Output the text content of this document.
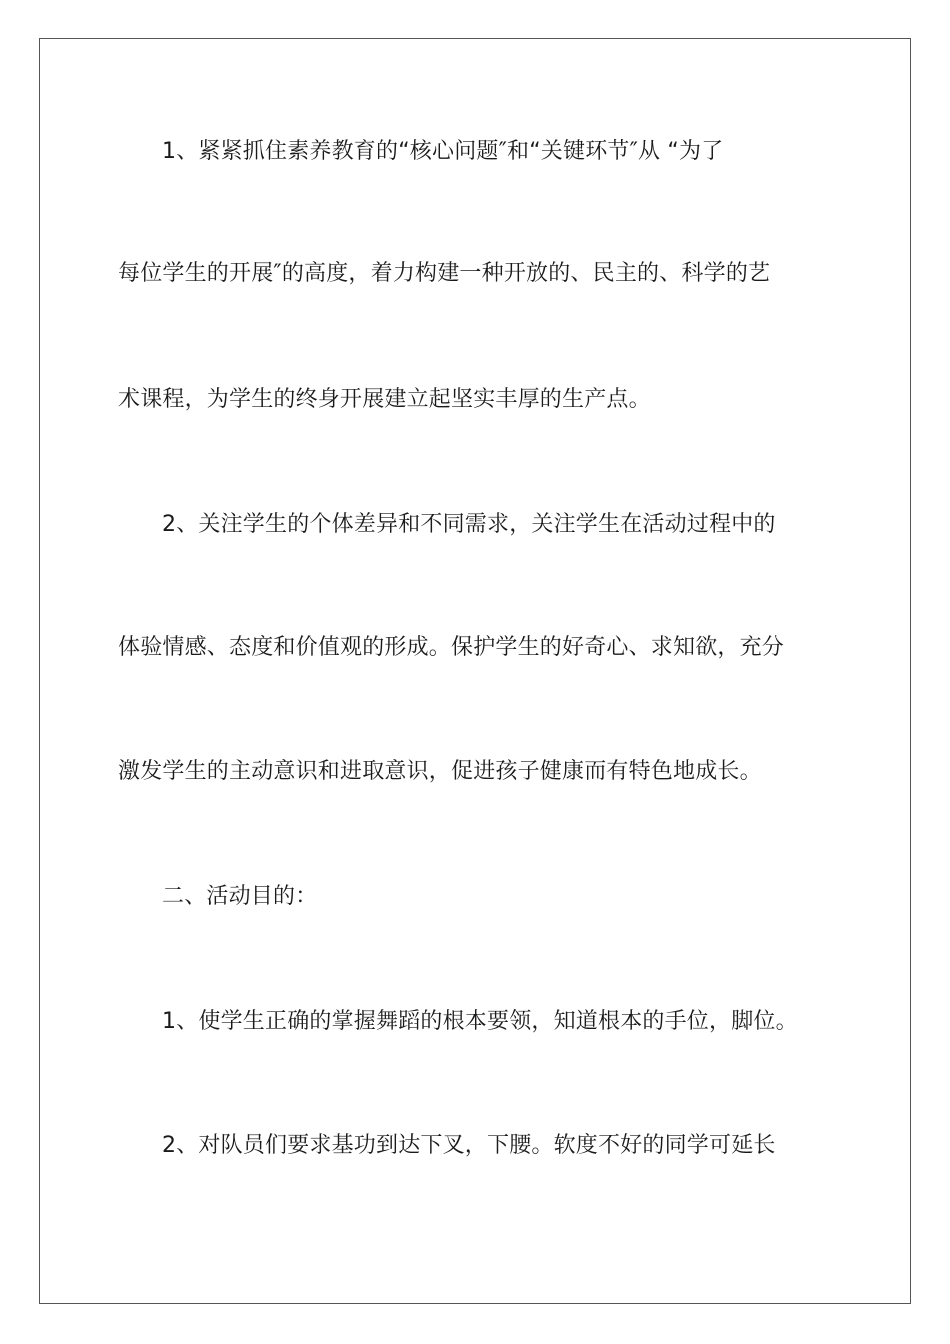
1、紧紧抓住素养教育的“核心问题″和“关键环节″从 “为了
每位学生的开展″的高度，着力构建一种开放的、民主的、科学的艺
术课程，为学生的终身开展建立起坚实丰厚的生产点。
2、关注学生的个体差异和不同需求，关注学生在活动过程中的
体验情感、态度和价值观的形成。保护学生的好奇心、求知欲，充分
激发学生的主动意识和进取意识，促进孩子健康而有特色地成长。
二、活动目的：
1、使学生正确的掌握舞蹈的根本要领，知道根本的手位，脚位。
2、对队员们要求基功到达下叉，下腰。软度不好的同学可延长
